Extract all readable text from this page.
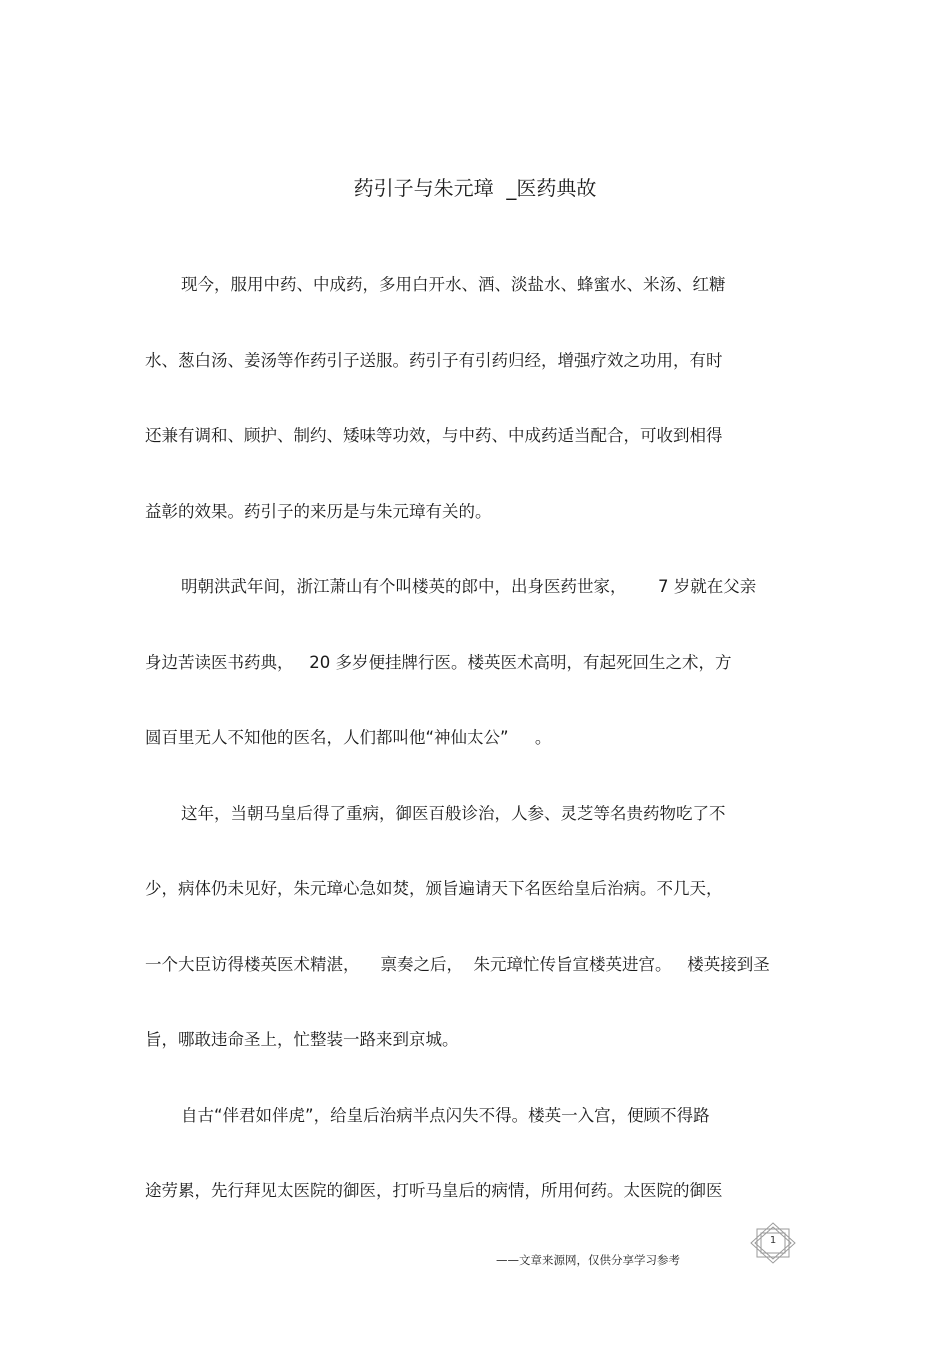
药引子与朱元璋  _医药典故
现今，服用中药、中成药，多用白开水、酒、淡盐水、蜂蜜水、米汤、红糖
水、葱白汤、姜汤等作药引子送服。药引子有引药归经，增强疗效之功用，有时
还兼有调和、顾护、制约、矮味等功效，与中药、中成药适当配合，可收到相得
益彰的效果。药引子的来历是与朱元璋有关的。
明朝洪武年间，浙江萧山有个叫楼英的郎中，出身医药世家，      7 岁就在父亲
身边苦读医书药典，   20 多岁便挂牌行医。楼英医术高明，有起死回生之术，方
圆百里无人不知他的医名，人们都叫他“神仙太公”     。
这年，当朝马皇后得了重病，御医百般诊治，人参、灵芝等名贵药物吃了不
少，病体仍未见好，朱元璋心急如焚，颁旨遍请天下名医给皇后治病。不几天，
一个大臣访得楼英医术精湛，    禀奏之后，  朱元璋忙传旨宣楼英进宫。   楼英接到圣
旨，哪敢违命圣上，忙整装一路来到京城。
自古“伴君如伴虎”，给皇后治病半点闪失不得。楼英一入宫，便顾不得路
途劳累，先行拜见太医院的御医，打听马皇后的病情，所用何药。太医院的御医
——文章来源网，仅供分享学习参考
1
